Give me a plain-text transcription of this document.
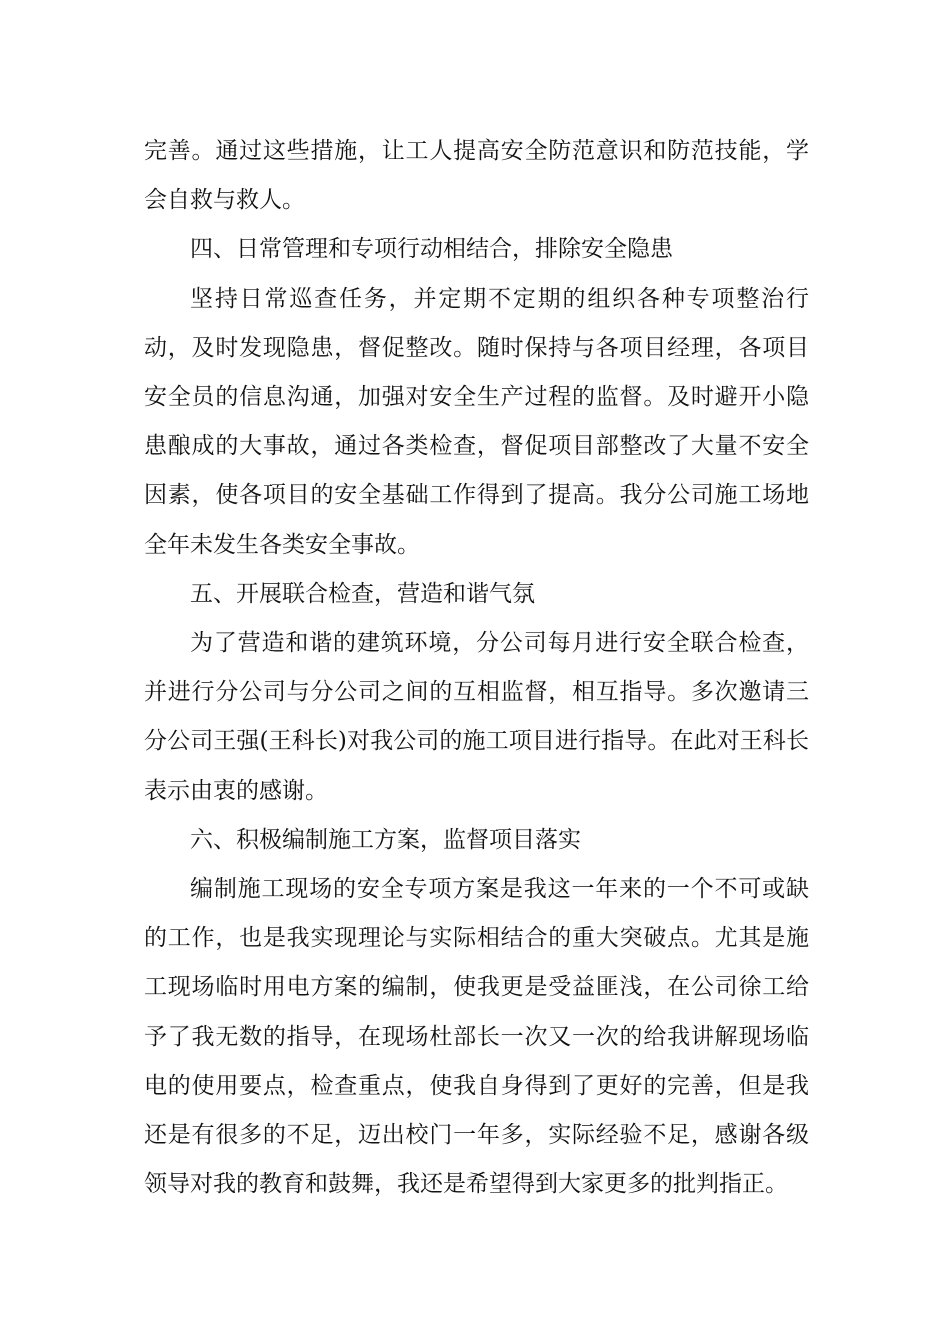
完善。通过这些措施，让工人提高安全防范意识和防范技能，学会自救与救人。

四、日常管理和专项行动相结合，排除安全隐患

坚持日常巡查任务，并定期不定期的组织各种专项整治行动，及时发现隐患，督促整改。随时保持与各项目经理，各项目安全员的信息沟通，加强对安全生产过程的监督。及时避开小隐患酿成的大事故，通过各类检查，督促项目部整改了大量不安全因素，使各项目的安全基础工作得到了提高。我分公司施工场地全年未发生各类安全事故。

五、开展联合检查，营造和谐气氛

为了营造和谐的建筑环境，分公司每月进行安全联合检查，并进行分公司与分公司之间的互相监督，相互指导。多次邀请三分公司王强(王科长)对我公司的施工项目进行指导。在此对王科长表示由衷的感谢。

六、积极编制施工方案，监督项目落实

编制施工现场的安全专项方案是我这一年来的一个不可或缺的工作，也是我实现理论与实际相结合的重大突破点。尤其是施工现场临时用电方案的编制，使我更是受益匪浅，在公司徐工给予了我无数的指导，在现场杜部长一次又一次的给我讲解现场临电的使用要点，检查重点，使我自身得到了更好的完善，但是我还是有很多的不足，迈出校门一年多，实际经验不足，感谢各级领导对我的教育和鼓舞，我还是希望得到大家更多的批判指正。
